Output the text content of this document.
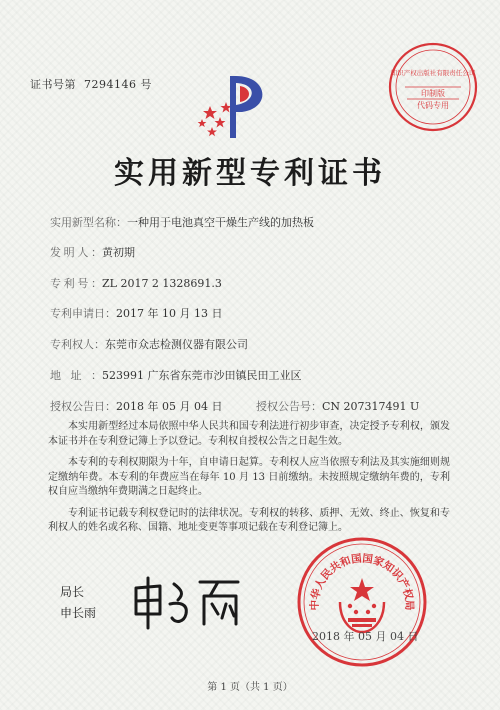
证书号第 7294146 号
印制版
代码专用
知识产权出版社有限责任公司
实用新型专利证书
实用新型名称：一种用于电池真空干燥生产线的加热板
发明人：黄初期
专利号：ZL 2017 2 1328691.3
专利申请日：2017 年 10 月 13 日
专利权人：东莞市众志检测仪器有限公司
地址：523991 广东省东莞市沙田镇民田工业区
授权公告日：2018 年 05 月 04 日	授权公告号：CN 207317491 U

本实用新型经过本局依照中华人民共和国专利法进行初步审查，决定授予专利权，颁发本证书并在专利登记簿上予以登记。专利权自授权公告之日起生效。

本专利的专利权期限为十年，自申请日起算。专利权人应当依照专利法及其实施细则规定缴纳年费。本专利的年费应当在每年 10 月 13 日前缴纳。未按照规定缴纳年费的，专利权自应当缴纳年费期满之日起终止。

专利证书记载专利权登记时的法律状况。专利权的转移、质押、无效、终止、恢复和专利权人的姓名或名称、国籍、地址变更等事项记载在专利登记簿上。

局长
申长雨
中华人民共和国国家知识产权局
2018 年 05 月 04 日
第 1 页（共 1 页）
